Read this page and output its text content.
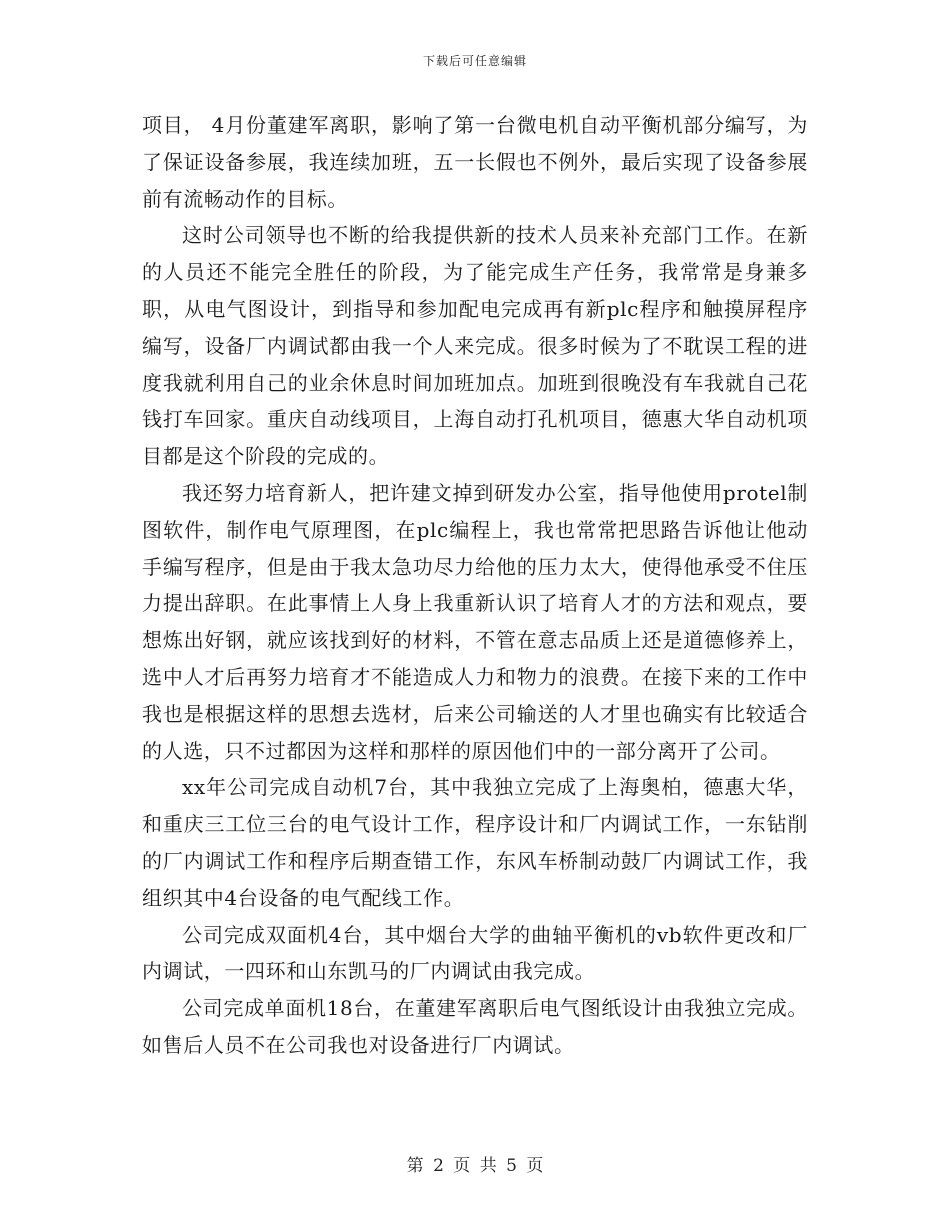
下载后可任意编辑

项目， 4月份董建军离职，影响了第一台微电机自动平衡机部分编写，为了保证设备参展，我连续加班，五一长假也不例外，最后实现了设备参展前有流畅动作的目标。

这时公司领导也不断的给我提供新的技术人员来补充部门工作。在新的人员还不能完全胜任的阶段，为了能完成生产任务，我常常是身兼多职，从电气图设计，到指导和参加配电完成再有新plc程序和触摸屏程序编写，设备厂内调试都由我一个人来完成。很多时候为了不耽误工程的进度我就利用自己的业余休息时间加班加点。加班到很晚没有车我就自己花钱打车回家。重庆自动线项目，上海自动打孔机项目，德惠大华自动机项目都是这个阶段的完成的。

我还努力培育新人，把许建文掉到研发办公室，指导他使用protel制图软件，制作电气原理图，在plc编程上，我也常常把思路告诉他让他动手编写程序，但是由于我太急功尽力给他的压力太大，使得他承受不住压力提出辞职。在此事情上人身上我重新认识了培育人才的方法和观点，要想炼出好钢，就应该找到好的材料，不管在意志品质上还是道德修养上，选中人才后再努力培育才不能造成人力和物力的浪费。在接下来的工作中我也是根据这样的思想去选材，后来公司输送的人才里也确实有比较适合的人选，只不过都因为这样和那样的原因他们中的一部分离开了公司。

xx年公司完成自动机7台，其中我独立完成了上海奥柏，德惠大华，和重庆三工位三台的电气设计工作，程序设计和厂内调试工作，一东钻削的厂内调试工作和程序后期查错工作，东风车桥制动鼓厂内调试工作，我组织其中4台设备的电气配线工作。

公司完成双面机4台，其中烟台大学的曲轴平衡机的vb软件更改和厂内调试，一四环和山东凯马的厂内调试由我完成。

公司完成单面机18台，在董建军离职后电气图纸设计由我独立完成。如售后人员不在公司我也对设备进行厂内调试。

第 2 页 共 5 页
